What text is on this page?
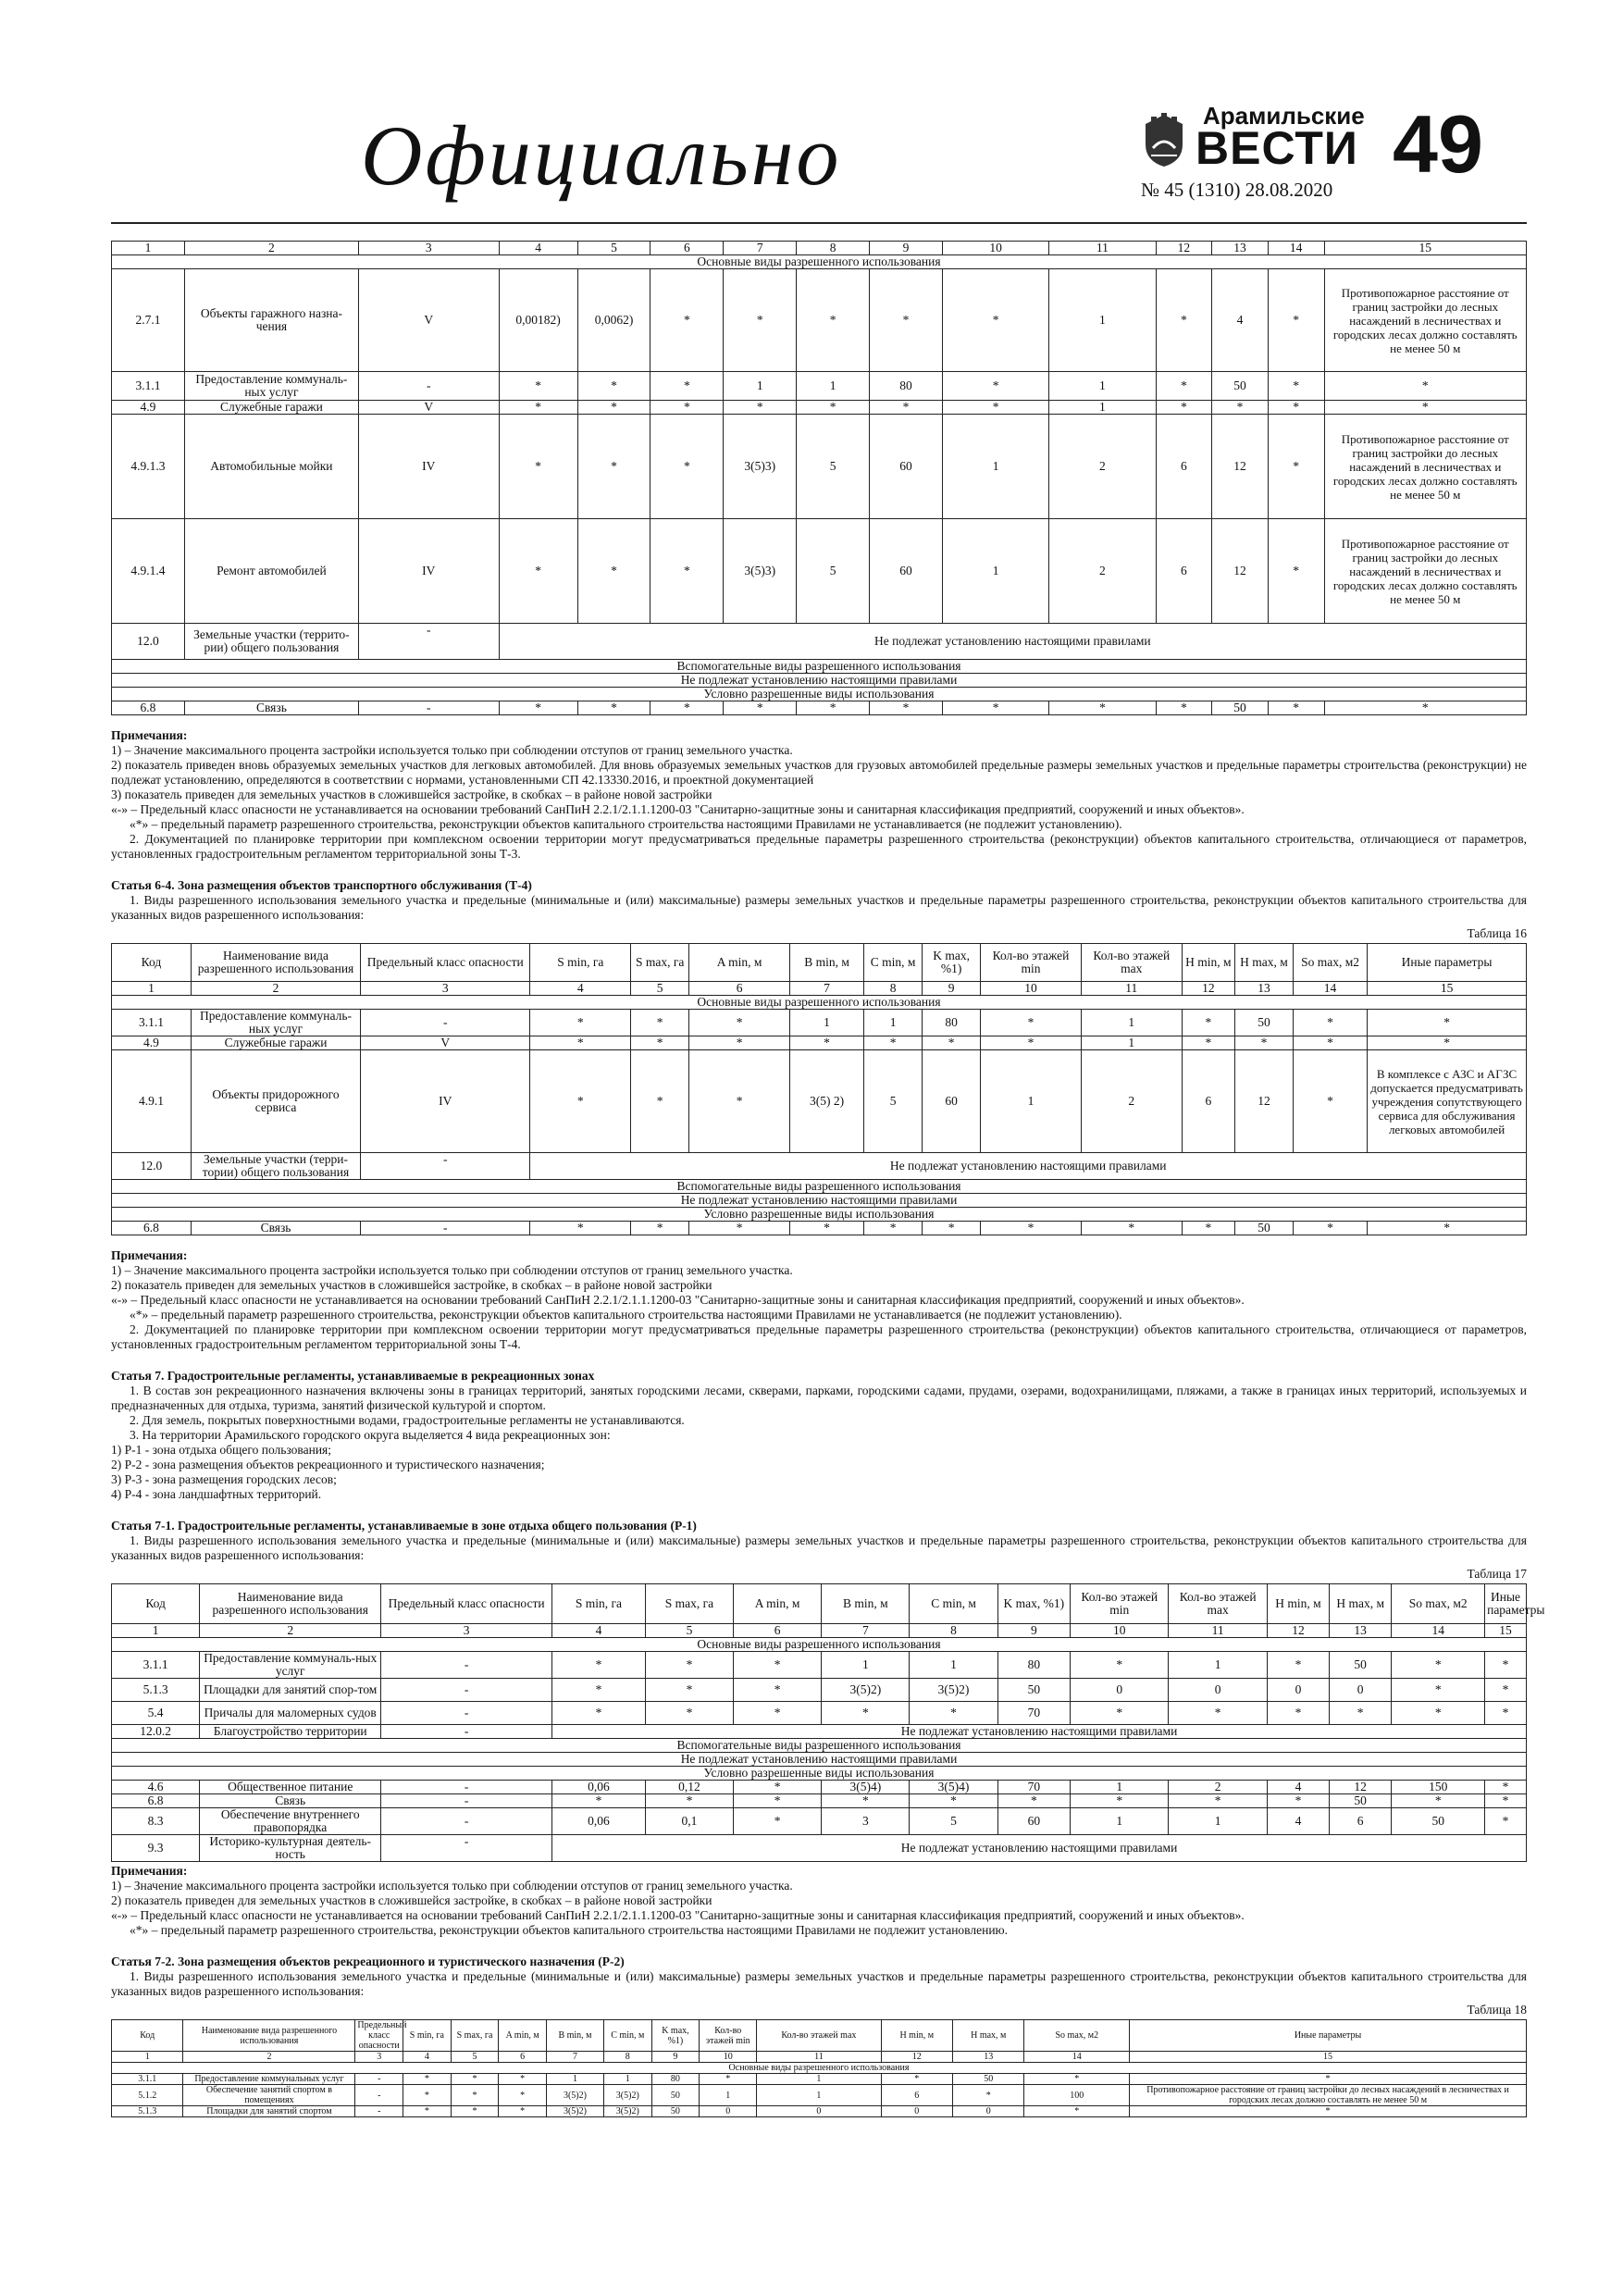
Официально	Арамильские
ВЕСТИ
№ 45 (1310) 28.08.2020 49
1	2	3	4	5	6	7	8	9	10	11	12	13	14	15
Основные виды разрешенного использования														
2.7.1	Объекты гаражного назна-чения	V	0,00182)	0,0062)	*	*	*	*	*	1	*	4	*	Противопожарное расстояние от границ застройки до лесных насаждений в лесничествах и городских лесах должно составлять не менее 50 м
3.1.1	Предоставление коммуналь-ных услуг	-	*	*	*	1	1	80	*	1	*	50	*	*
4.9	Служебные гаражи	V	*	*	*	*	*	*	*	1	*	*	*	*
4.9.1.3	Автомобильные мойки	IV	*	*	*	3(5)3)	5	60	1	2	6	12	*	Противопожарное расстояние от границ застройки до лесных насаждений в лесничествах и городских лесах должно составлять не менее 50 м
4.9.1.4	Ремонт автомобилей	IV	*	*	*	3(5)3)	5	60	1	2	6	12	*	Противопожарное расстояние от границ застройки до лесных насаждений в лесничествах и городских лесах должно составлять не менее 50 м
12.0	Земельные участки (террито-рии) общего пользования	-	Не подлежат установлению настоящими правилами											
Вспомогательные виды разрешенного использования														
Не подлежат установлению настоящими правилами														
Условно разрешенные виды использования														
6.8	Связь	-	*	*	*	*	*	*	*	*	*	50	*	*

Примечания:

1) – Значение максимального процента застройки используется только при соблюдении отступов от границ земельного участка.

2) показатель приведен вновь образуемых земельных участков для легковых автомобилей. Для вновь образуемых земельных участков для грузовых автомобилей предельные размеры земельных участков и предельные параметры строительства (реконструкции) не подлежат установлению, определяются в соответствии с нормами, установленными СП 42.13330.2016, и проектной документацией

3) показатель приведен для земельных участков в сложившейся застройке, в скобках – в районе новой застройки

«-» – Предельный класс опасности не устанавливается на основании требований СанПиН 2.2.1/2.1.1.1200-03 "Санитарно-защитные зоны и санитарная классификация предприятий, сооружений и иных объектов».

«*» – предельный параметр разрешенного строительства, реконструкции объектов капитального строительства настоящими Правилами не устанавливается (не подлежит установлению).

2. Документацией по планировке территории при комплексном освоении территории могут предусматриваться предельные параметры разрешенного строительства (реконструкции) объектов капитального строительства, отличающиеся от параметров, установленных градостроительным регламентом территориальной зоны Т-3.

Статья 6-4. Зона размещения объектов транспортного обслуживания (Т-4)

1. Виды разрешенного использования земельного участка и предельные (минимальные и (или) максимальные) размеры земельных участков и предельные параметры разрешенного строительства, реконструкции объектов капитального строительства для указанных видов разрешенного использования:

Таблица 16
Код	Наименование вида разрешенного использования	Предельный класс опасности	S min, га	S max, га	A min, м	B min, м	C min, м	K max, %1)	Кол-во этажей min	Кол-во этажей max	H min, м	H max, м	So max, м2	Иные параметры
1	2	3	4	5	6	7	8	9	10	11	12	13	14	15
Основные виды разрешенного использования														
3.1.1	Предоставление коммуналь-ных услуг	-	*	*	*	1	1	80	*	1	*	50	*	*
4.9	Служебные гаражи	V	*	*	*	*	*	*	*	1	*	*	*	*
4.9.1	Объекты придорожного сервиса	IV	*	*	*	3(5) 2)	5	60	1	2	6	12	*	В комплексе с АЗС и АГЗС допускается предусматривать учреждения сопутствующего сервиса для обслуживания легковых автомобилей
12.0	Земельные участки (терри-тории) общего пользования	-	Не подлежат установлению настоящими правилами											
Вспомогательные виды разрешенного использования														
Не подлежат установлению настоящими правилами														
Условно разрешенные виды использования														
6.8	Связь	-	*	*	*	*	*	*	*	*	*	50	*	*

Примечания:

1) – Значение максимального процента застройки используется только при соблюдении отступов от границ земельного участка.

2) показатель приведен для земельных участков в сложившейся застройке, в скобках – в районе новой застройки

«-» – Предельный класс опасности не устанавливается на основании требований СанПиН 2.2.1/2.1.1.1200-03 "Санитарно-защитные зоны и санитарная классификация предприятий, сооружений и иных объектов».

«*» – предельный параметр разрешенного строительства, реконструкции объектов капитального строительства настоящими Правилами не устанавливается (не подлежит установлению).

2. Документацией по планировке территории при комплексном освоении территории могут предусматриваться предельные параметры разрешенного строительства (реконструкции) объектов капитального строительства, отличающиеся от параметров, установленных градостроительным регламентом территориальной зоны Т-4.

Статья 7. Градостроительные регламенты, устанавливаемые в рекреационных зонах

1. В состав зон рекреационного назначения включены зоны в границах территорий, занятых городскими лесами, скверами, парками, городскими садами, прудами, озерами, водохранилищами, пляжами, а также в границах иных территорий, используемых и предназначенных для отдыха, туризма, занятий физической культурой и спортом.

2. Для земель, покрытых поверхностными водами, градостроительные регламенты не устанавливаются.

3. На территории Арамильского городского округа выделяется 4 вида рекреационных зон:

1) Р-1 - зона отдыха общего пользования;

2) Р-2 - зона размещения объектов рекреационного и туристического назначения;

3) Р-3 - зона размещения городских лесов;

4) Р-4 - зона ландшафтных территорий.

Статья 7-1. Градостроительные регламенты, устанавливаемые в зоне отдыха общего пользования (Р-1)

1. Виды разрешенного использования земельного участка и предельные (минимальные и (или) максимальные) размеры земельных участков и предельные параметры разрешенного строительства, реконструкции объектов капитального строительства для указанных видов разрешенного использования:

Таблица 17
Код	Наименование вида разрешенного использования	Предельный класс опасности	S min, га	S max, га	A min, м	B min, м	C min, м	K max, %1)	Кол-во этажей min	Кол-во этажей max	H min, м	H max, м	So max, м2	Иные параметры
1	2	3	4	5	6	7	8	9	10	11	12	13	14	15
Основные виды разрешенного использования														
3.1.1	Предоставление коммуналь-ных услуг	-	*	*	*	1	1	80	*	1	*	50	*	*
5.1.3	Площадки для занятий спор-том	-	*	*	*	3(5)2)	3(5)2)	50	0	0	0	0	*	*
5.4	Причалы для маломерных судов	-	*	*	*	*	*	70	*	*	*	*	*	*
12.0.2	Благоустройство территории	-	Не подлежат установлению настоящими правилами											
Вспомогательные виды разрешенного использования														
Не подлежат установлению настоящими правилами														
Условно разрешенные виды использования														
4.6	Общественное питание	-	0,06	0,12	*	3(5)4)	3(5)4)	70	1	2	4	12	150	*
6.8	Связь	-	*	*	*	*	*	*	*	*	*	50	*	*
8.3	Обеспечение внутреннего правопорядка	-	0,06	0,1	*	3	5	60	1	1	4	6	50	*
9.3	Историко-культурная деятель-ность	-	Не подлежат установлению настоящими правилами											

Примечания:

1) – Значение максимального процента застройки используется только при соблюдении отступов от границ земельного участка.

2) показатель приведен для земельных участков в сложившейся застройке, в скобках – в районе новой застройки

«-» – Предельный класс опасности не устанавливается на основании требований СанПиН 2.2.1/2.1.1.1200-03 "Санитарно-защитные зоны и санитарная классификация предприятий, сооружений и иных объектов».

«*» – предельный параметр разрешенного строительства, реконструкции объектов капитального строительства настоящими Правилами не подлежит установлению.

Статья 7-2. Зона размещения объектов рекреационного и туристического назначения (Р-2)

1. Виды разрешенного использования земельного участка и предельные (минимальные и (или) максимальные) размеры земельных участков и предельные параметры разрешенного строительства, реконструкции объектов капитального строительства для указанных видов разрешенного использования:

Таблица 18
Код	Наименование вида разрешенного использования	Предельный класс опасности	S min, га	S max, га	A min, м	B min, м	C min, м	K max, %1)	Кол-во этажей min	Кол-во этажей max	H min, м	H max, м	So max, м2	Иные параметры
1	2	3	4	5	6	7	8	9	10	11	12	13	14	15
Основные виды разрешенного использования														
3.1.1	Предоставление коммунальных услуг	-	*	*	*	1	1	80	*	1	*	50	*	*
5.1.2	Обеспечение занятий спортом в помещениях	-	*	*	*	3(5)2)	3(5)2)	50	1	1	6	*	100	Противопожарное расстояние от границ застройки до лесных насаждений в лесничествах и городских лесах должно составлять не менее 50 м
5.1.3	Площадки для занятий спортом	-	*	*	*	3(5)2)	3(5)2)	50	0	0	0	0	*	*
